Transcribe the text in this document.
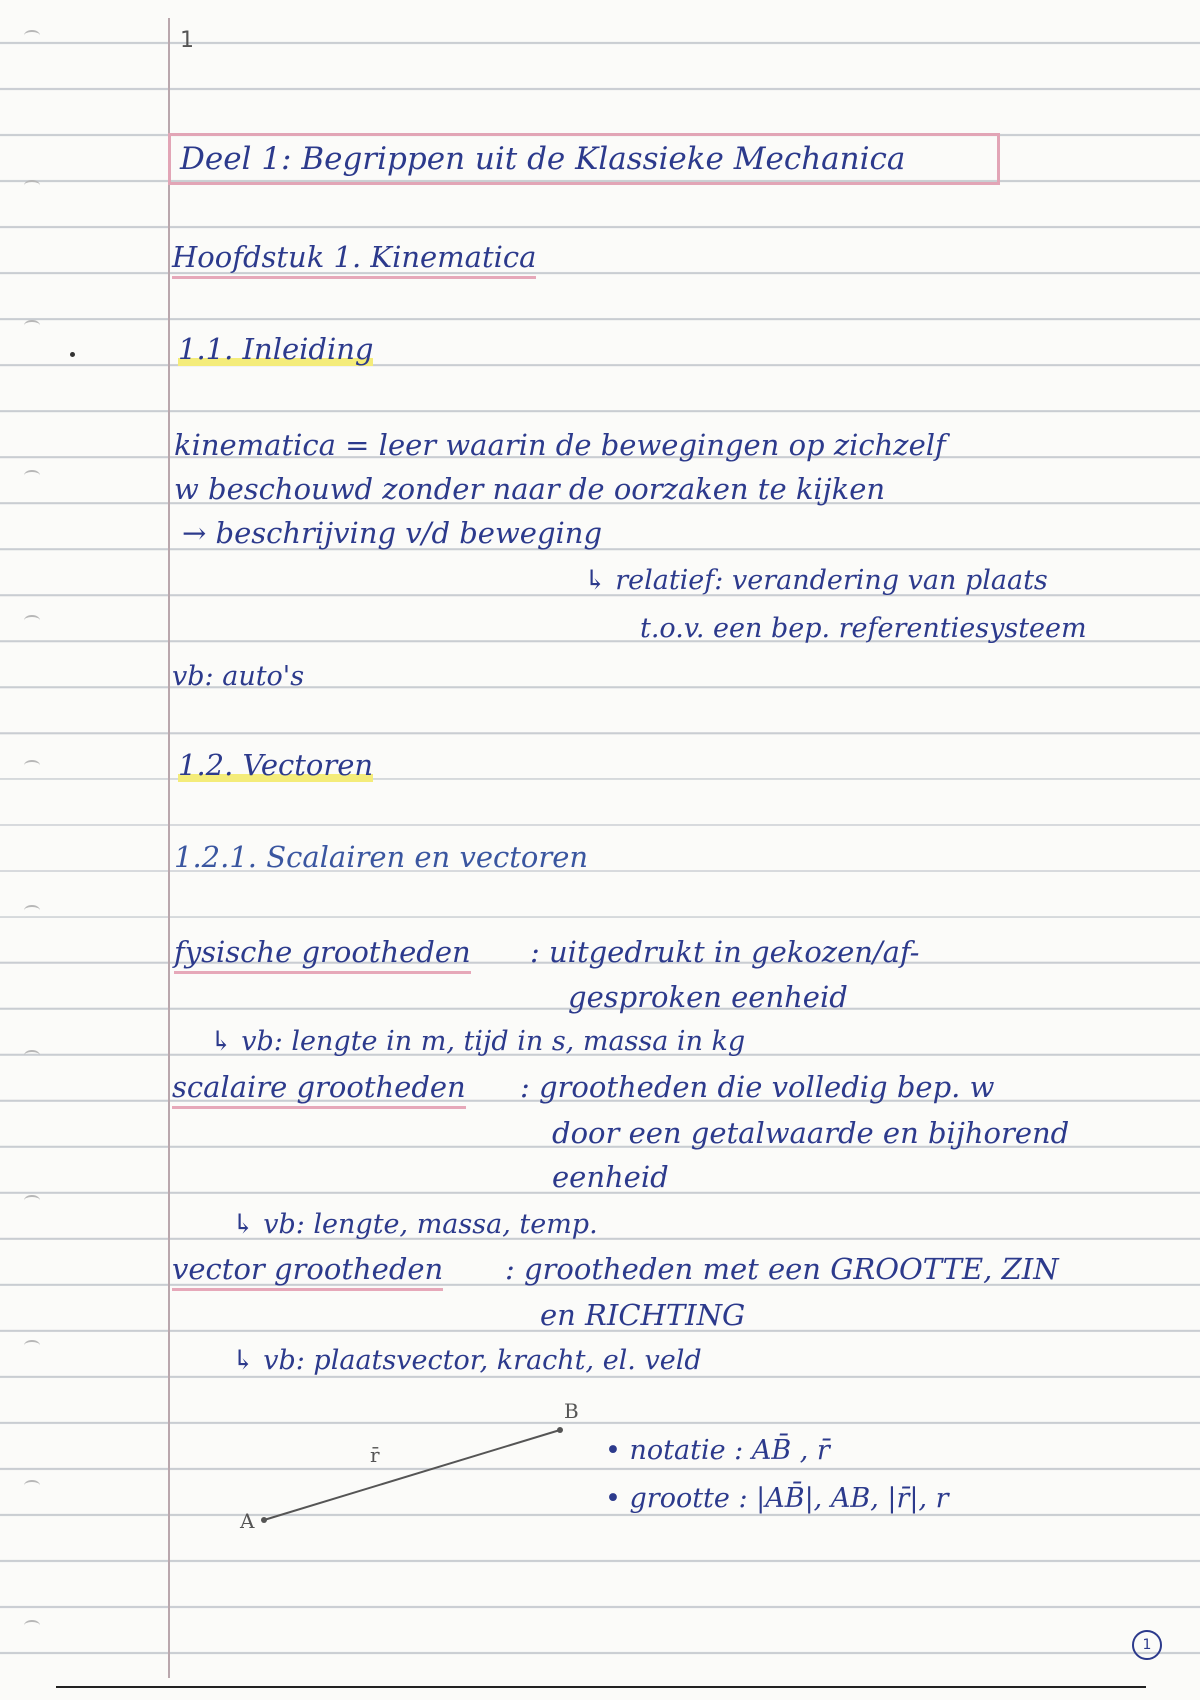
1

Deel 1: Begrippen uit de Klassieke Mechanica

Hoofdstuk 1. Kinematica

1.1. Inleiding

kinematica = leer waarin de bewegingen op zichzelf

w beschouwd zonder naar de oorzaken te kijken

→ beschrijving v/d beweging

↳ relatief: verandering van plaats

t.o.v. een bep. referentiesysteem

vb: auto's

1.2. Vectoren

1.2.1. Scalairen en vectoren

fysische grootheden : uitgedrukt in gekozen/af-

gesproken eenheid

↳ vb: lengte in m, tijd in s, massa in kg

scalaire grootheden : grootheden die volledig bep. w

door een getalwaarde en bijhorend

eenheid

↳ vb: lengte, massa, temp.

vector grootheden : grootheden met een GROOTTE, ZIN

en RICHTING

↳ vb: plaatsvector, kracht, el. veld

A
B
r̄	• notatie : AB̄ , r̄

• grootte : |AB̄|, AB, |r̄|, r

1
